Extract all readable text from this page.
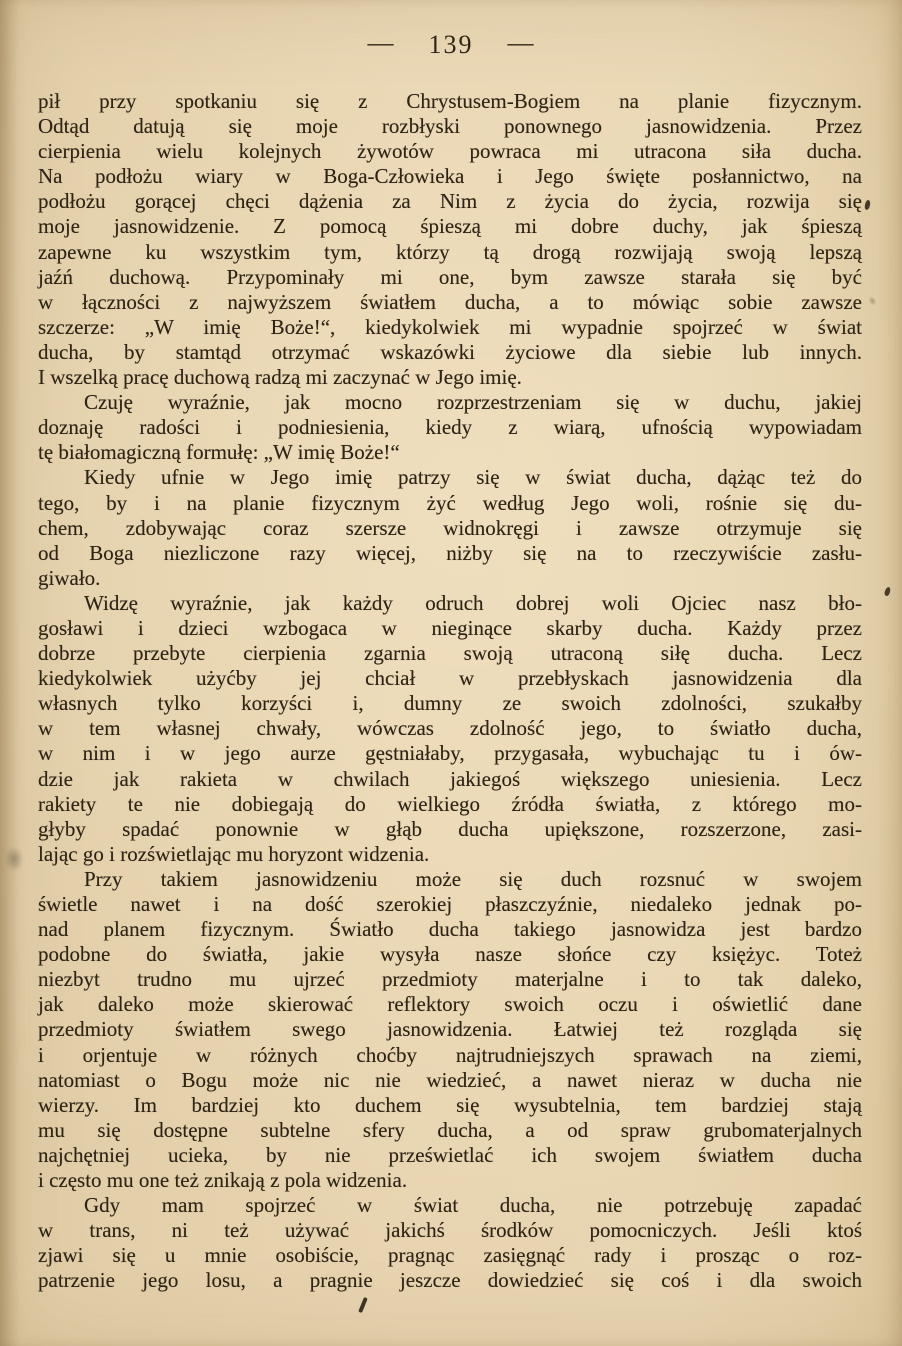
— 139 —
pił przy spotkaniu się z Chrystusem-Bogiem na planie fizycznym.
Odtąd datują się moje rozbłyski ponownego jasnowidzenia. Przez
cierpienia wielu kolejnych żywotów powraca mi utracona siła ducha.
Na podłożu wiary w Boga-Człowieka i Jego święte posłannictwo, na
podłożu gorącej chęci dążenia za Nim z życia do życia, rozwija się
moje jasnowidzenie. Z pomocą śpieszą mi dobre duchy, jak śpieszą
zapewne ku wszystkim tym, którzy tą drogą rozwijają swoją lepszą
jaźń duchową. Przypominały mi one, bym zawsze starała się być
w łączności z najwyższem światłem ducha, a to mówiąc sobie zawsze
szczerze: „W imię Boże!“, kiedykolwiek mi wypadnie spojrzeć w świat
ducha, by stamtąd otrzymać wskazówki życiowe dla siebie lub innych.
I wszelką pracę duchową radzą mi zaczynać w Jego imię.
Czuję wyraźnie, jak mocno rozprzestrzeniam się w duchu, jakiej
doznaję radości i podniesienia, kiedy z wiarą, ufnością wypowiadam
tę białomagiczną formułę: „W imię Boże!“
Kiedy ufnie w Jego imię patrzy się w świat ducha, dążąc też do
tego, by i na planie fizycznym żyć według Jego woli, rośnie się du-
chem, zdobywając coraz szersze widnokręgi i zawsze otrzymuje się
od Boga niezliczone razy więcej, niżby się na to rzeczywiście zasłu-
giwało.
Widzę wyraźnie, jak każdy odruch dobrej woli Ojciec nasz bło-
gosławi i dzieci wzbogaca w nieginące skarby ducha. Każdy przez
dobrze przebyte cierpienia zgarnia swoją utraconą siłę ducha. Lecz
kiedykolwiek użyćby jej chciał w przebłyskach jasnowidzenia dla
własnych tylko korzyści i, dumny ze swoich zdolności, szukałby
w tem własnej chwały, wówczas zdolność jego, to światło ducha,
w nim i w jego aurze gęstniałaby, przygasała, wybuchając tu i ów-
dzie jak rakieta w chwilach jakiegoś większego uniesienia. Lecz
rakiety te nie dobiegają do wielkiego źródła światła, z którego mo-
głyby spadać ponownie w głąb ducha upiększone, rozszerzone, zasi-
lając go i rozświetlając mu horyzont widzenia.
Przy takiem jasnowidzeniu może się duch rozsnuć w swojem
świetle nawet i na dość szerokiej płaszczyźnie, niedaleko jednak po-
nad planem fizycznym. Światło ducha takiego jasnowidza jest bardzo
podobne do światła, jakie wysyła nasze słońce czy księżyc. Toteż
niezbyt trudno mu ujrzeć przedmioty materjalne i to tak daleko,
jak daleko może skierować reflektory swoich oczu i oświetlić dane
przedmioty światłem swego jasnowidzenia. Łatwiej też rozgląda się
i orjentuje w różnych choćby najtrudniejszych sprawach na ziemi,
natomiast o Bogu może nic nie wiedzieć, a nawet nieraz w ducha nie
wierzy. Im bardziej kto duchem się wysubtelnia, tem bardziej stają
mu się dostępne subtelne sfery ducha, a od spraw grubomaterjalnych
najchętniej ucieka, by nie prześwietlać ich swojem światłem ducha
i często mu one też znikają z pola widzenia.
Gdy mam spojrzeć w świat ducha, nie potrzebuję zapadać
w trans, ni też używać jakichś środków pomocniczych. Jeśli ktoś
zjawi się u mnie osobiście, pragnąc zasięgnąć rady i prosząc o roz-
patrzenie jego losu, a pragnie jeszcze dowiedzieć się coś i dla swoich
